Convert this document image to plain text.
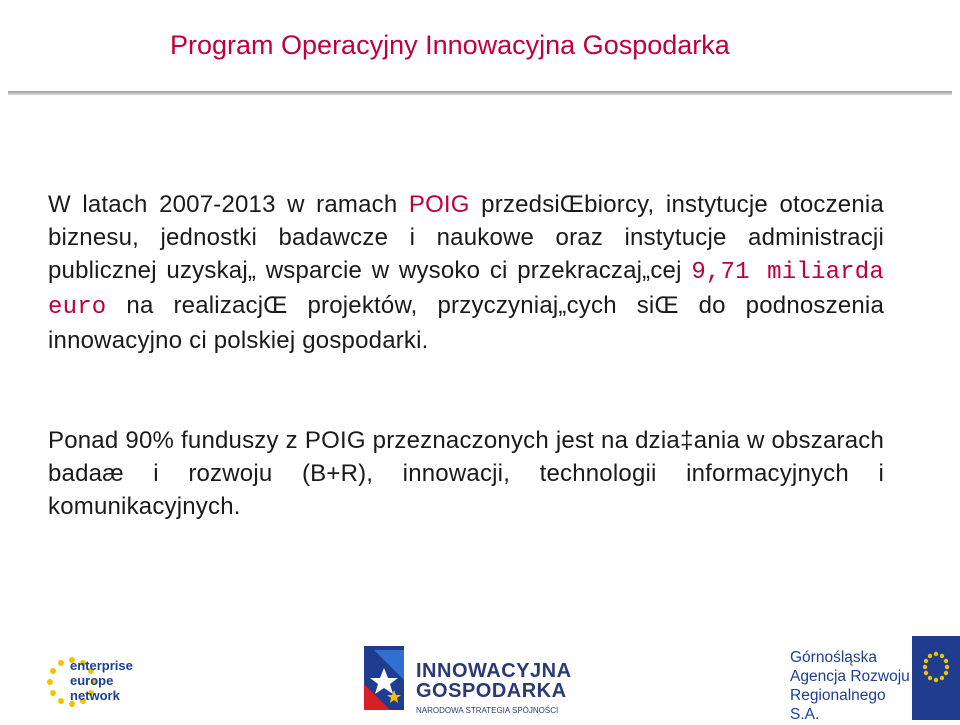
Program Operacyjny Innowacyjna Gospodarka
W latach 2007-2013 w ramach POIG przedsiŒbiorcy, instytucje otoczenia biznesu, jednostki badawcze i naukowe oraz instytucje administracji publicznej uzyskaj„ wsparcie w wysoko ci przekraczaj„cej 9,71 miliarda euro na realizacjŒ projektów, przyczyniaj„cych siŒ do podnoszenia innowacyjno ci polskiej gospodarki.
Ponad 90% funduszy z POIG przeznaczonych jest na dzia‡ania w obszarach badaæ i rozwoju (B+R), innowacji, technologii informacyjnych i komunikacyjnych.
enterprise
europe
network
INNOWACYJNA
GOSPODARKA
NARODOWA STRATEGIA SPÓJNOŚCI
Górnośląska
Agencja Rozwoju
Regionalnego S.A.
